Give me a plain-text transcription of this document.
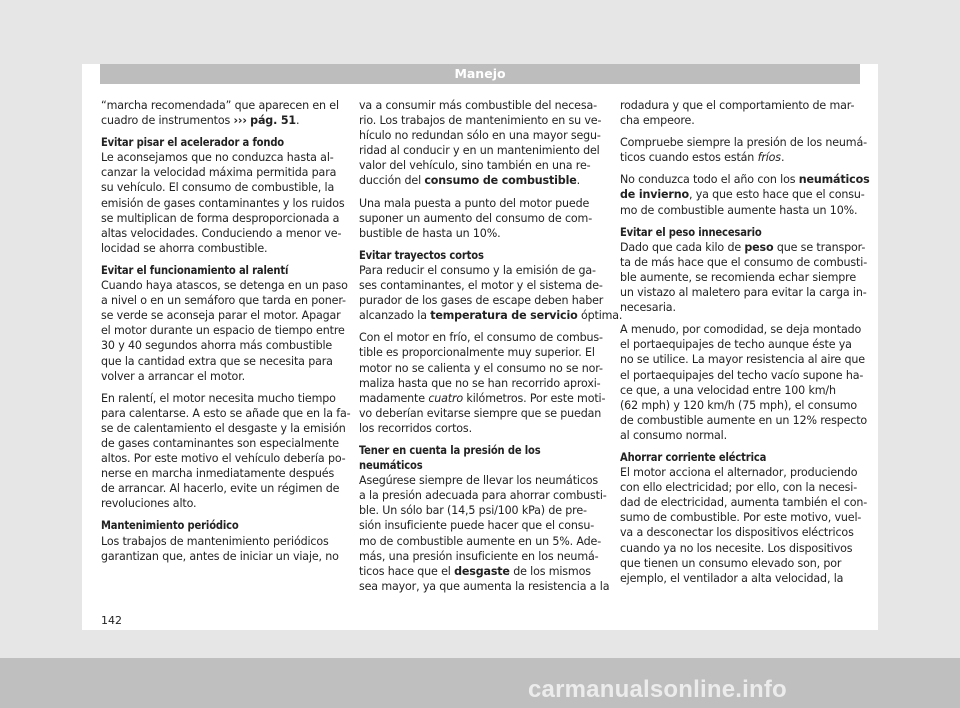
Manejo

“marcha recomendada” que aparecen en el
cuadro de instrumentos ››› pág. 51.

Evitar pisar el acelerador a fondo

Le aconsejamos que no conduzca hasta al-
canzar la velocidad máxima permitida para
su vehículo. El consumo de combustible, la
emisión de gases contaminantes y los ruidos
se multiplican de forma desproporcionada a
altas velocidades. Conduciendo a menor ve-
locidad se ahorra combustible.

Evitar el funcionamiento al ralentí

Cuando haya atascos, se detenga en un paso
a nivel o en un semáforo que tarda en poner-
se verde se aconseja parar el motor. Apagar
el motor durante un espacio de tiempo entre
30 y 40 segundos ahorra más combustible
que la cantidad extra que se necesita para
volver a arrancar el motor.

En ralentí, el motor necesita mucho tiempo
para calentarse. A esto se añade que en la fa-
se de calentamiento el desgaste y la emisión
de gases contaminantes son especialmente
altos. Por este motivo el vehículo debería po-
nerse en marcha inmediatamente después
de arrancar. Al hacerlo, evite un régimen de
revoluciones alto.

Mantenimiento periódico

Los trabajos de mantenimiento periódicos
garantizan que, antes de iniciar un viaje, no

va a consumir más combustible del necesa-
rio. Los trabajos de mantenimiento en su ve-
hículo no redundan sólo en una mayor segu-
ridad al conducir y en un mantenimiento del
valor del vehículo, sino también en una re-
ducción del consumo de combustible.

Una mala puesta a punto del motor puede
suponer un aumento del consumo de com-
bustible de hasta un 10%.

Evitar trayectos cortos

Para reducir el consumo y la emisión de ga-
ses contaminantes, el motor y el sistema de-
purador de los gases de escape deben haber
alcanzado la temperatura de servicio óptima.

Con el motor en frío, el consumo de combus-
tible es proporcionalmente muy superior. El
motor no se calienta y el consumo no se nor-
maliza hasta que no se han recorrido aproxi-
madamente cuatro kilómetros. Por este moti-
vo deberían evitarse siempre que se puedan
los recorridos cortos.

Tener en cuenta la presión de los neumáticos

Asegúrese siempre de llevar los neumáticos
a la presión adecuada para ahorrar combusti-
ble. Un sólo bar (14,5 psi/100 kPa) de pre-
sión insuficiente puede hacer que el consu-
mo de combustible aumente en un 5%. Ade-
más, una presión insuficiente en los neumá-
ticos hace que el desgaste de los mismos
sea mayor, ya que aumenta la resistencia a la

rodadura y que el comportamiento de mar-
cha empeore.

Compruebe siempre la presión de los neumá-
ticos cuando estos están fríos.

No conduzca todo el año con los neumáticos
de invierno, ya que esto hace que el consu-
mo de combustible aumente hasta un 10%.

Evitar el peso innecesario

Dado que cada kilo de peso que se transpor-
ta de más hace que el consumo de combusti-
ble aumente, se recomienda echar siempre
un vistazo al maletero para evitar la carga in-
necesaria.

A menudo, por comodidad, se deja montado
el portaequipajes de techo aunque éste ya
no se utilice. La mayor resistencia al aire que
el portaequipajes del techo vacío supone ha-
ce que, a una velocidad entre 100 km/h
(62 mph) y 120 km/h (75 mph), el consumo
de combustible aumente en un 12% respecto
al consumo normal.

Ahorrar corriente eléctrica

El motor acciona el alternador, produciendo
con ello electricidad; por ello, con la necesi-
dad de electricidad, aumenta también el con-
sumo de combustible. Por este motivo, vuel-
va a desconectar los dispositivos eléctricos
cuando ya no los necesite. Los dispositivos
que tienen un consumo elevado son, por
ejemplo, el ventilador a alta velocidad, la

142
carmanualsonline.info
